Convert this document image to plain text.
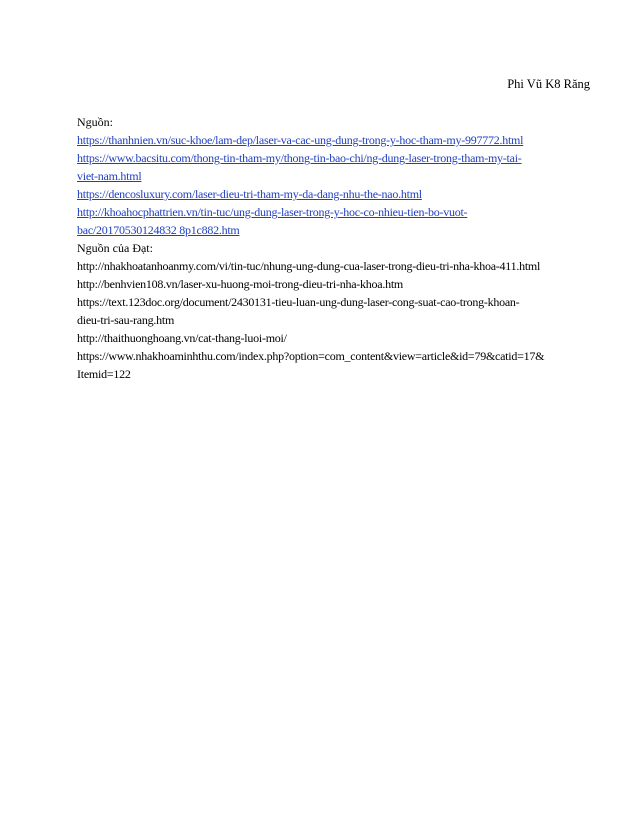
Phi Vũ K8 Răng
Nguồn:
https://thanhnien.vn/suc-khoe/lam-dep/laser-va-cac-ung-dung-trong-y-hoc-tham-my-997772.html
https://www.bacsitu.com/thong-tin-tham-my/thong-tin-bao-chi/ng-dung-laser-trong-tham-my-tai-
viet-nam.html
https://dencosluxury.com/laser-dieu-tri-tham-my-da-dang-nhu-the-nao.html
http://khoahocphattrien.vn/tin-tuc/ung-dung-laser-trong-y-hoc-co-nhieu-tien-bo-vuot-
bac/20170530124832 8p1c882.htm
Nguồn của Đạt:
http://nhakhoatanhoanmy.com/vi/tin-tuc/nhung-ung-dung-cua-laser-trong-dieu-tri-nha-khoa-411.html
http://benhvien108.vn/laser-xu-huong-moi-trong-dieu-tri-nha-khoa.htm
https://text.123doc.org/document/2430131-tieu-luan-ung-dung-laser-cong-suat-cao-trong-khoan-
dieu-tri-sau-rang.htm
http://thaithuonghoang.vn/cat-thang-luoi-moi/
https://www.nhakhoaminhthu.com/index.php?option=com_content&view=article&id=79&catid=17&
Itemid=122
